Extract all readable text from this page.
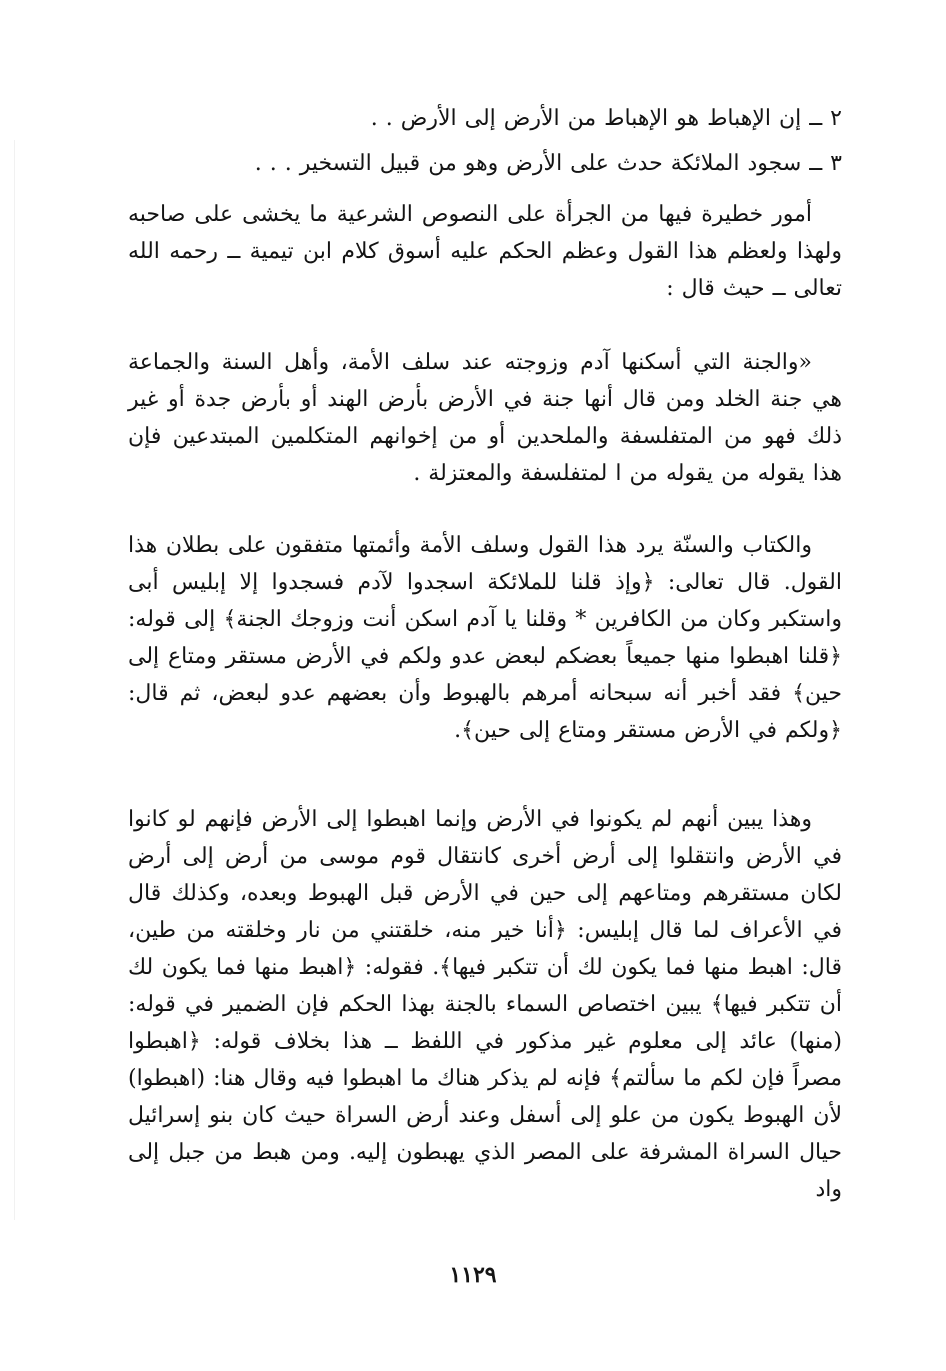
٢ ــ إن الإهباط هو الإهباط من الأرض إلى الأرض . .
٣ ــ سجود الملائكة حدث على الأرض وهو من قبيل التسخير . . .

أمور خطيرة فيها من الجرأة على النصوص الشرعية ما يخشى على صاحبه ولهذا ولعظم هذا القول وعظم الحكم عليه أسوق كلام ابن تيمية ــ رحمه الله تعالى ــ حيث قال :

«والجنة التي أسكنها آدم وزوجته عند سلف الأمة، وأهل السنة والجماعة هي جنة الخلد ومن قال أنها جنة في الأرض بأرض الهند أو بأرض جدة أو غير ذلك فهو من المتفلسفة والملحدين أو من إخوانهم المتكلمين المبتدعين فإن هذا يقوله من يقوله من ا لمتفلسفة والمعتزلة .

والكتاب والسنّة يرد هذا القول وسلف الأمة وأئمتها متفقون على بطلان هذا القول. قال تعالى: ﴿وإذ قلنا للملائكة اسجدوا لآدم فسجدوا إلا إبليس أبى واستكبر وكان من الكافرين * وقلنا يا آدم اسكن أنت وزوجك الجنة﴾ إلى قوله: ﴿قلنا اهبطوا منها جميعاً بعضكم لبعض عدو ولكم في الأرض مستقر ومتاع إلى حين﴾ فقد أخبر أنه سبحانه أمرهم بالهبوط وأن بعضهم عدو لبعض، ثم قال: ﴿ولكم في الأرض مستقر ومتاع إلى حين﴾.

وهذا يبين أنهم لم يكونوا في الأرض وإنما اهبطوا إلى الأرض فإنهم لو كانوا في الأرض وانتقلوا إلى أرض أخرى كانتقال قوم موسى من أرض إلى أرض لكان مستقرهم ومتاعهم إلى حين في الأرض قبل الهبوط وبعده، وكذلك قال في الأعراف لما قال إبليس: ﴿أنا خير منه، خلقتني من نار وخلقته من طين، قال: اهبط منها فما يكون لك أن تتكبر فيها﴾. فقوله: ﴿اهبط منها فما يكون لك أن تتكبر فيها﴾ يبين اختصاص السماء بالجنة بهذا الحكم فإن الضمير في قوله: (منها) عائد إلى معلوم غير مذكور في اللفظ ــ هذا بخلاف قوله: ﴿اهبطوا مصراً فإن لكم ما سألتم﴾ فإنه لم يذكر هناك ما اهبطوا فيه وقال هنا: (اهبطوا) لأن الهبوط يكون من علو إلى أسفل وعند أرض السراة حيث كان بنو إسرائيل حيال السراة المشرفة على المصر الذي يهبطون إليه. ومن هبط من جبل إلى واد

١١٢٩
